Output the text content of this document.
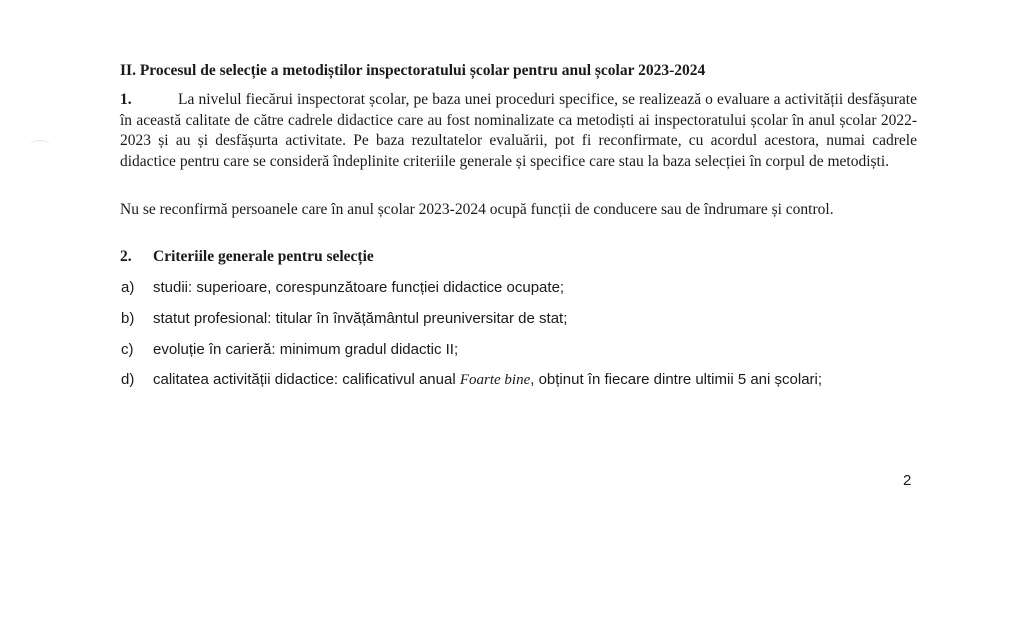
II. Procesul de selecție a metodiștilor inspectoratului școlar pentru anul școlar 2023-2024
1.	La nivelul fiecărui inspectorat școlar, pe baza unei proceduri specifice, se realizează o evaluare a activității desfășurate în această calitate de către cadrele didactice care au fost nominalizate ca metodiști ai inspectoratului școlar în anul școlar 2022-2023 și au și desfășurta activitate. Pe baza rezultatelor evaluării, pot fi reconfirmate, cu acordul acestora, numai cadrele didactice pentru care se consideră îndeplinite criteriile generale și specifice care stau la baza selecției în corpul de metodiști.
Nu se reconfirmă persoanele care în anul școlar 2023-2024 ocupă funcții de conducere sau de îndrumare și control.
2. Criteriile generale pentru selecție
a) studii: superioare, corespunzătoare funcției didactice ocupate;
b) statut profesional: titular în învățământul preuniversitar de stat;
c) evoluție în carieră: minimum gradul didactic II;
d) calitatea activității didactice: calificativul anual Foarte bine, obținut în fiecare dintre ultimii 5 ani școlari;
2
